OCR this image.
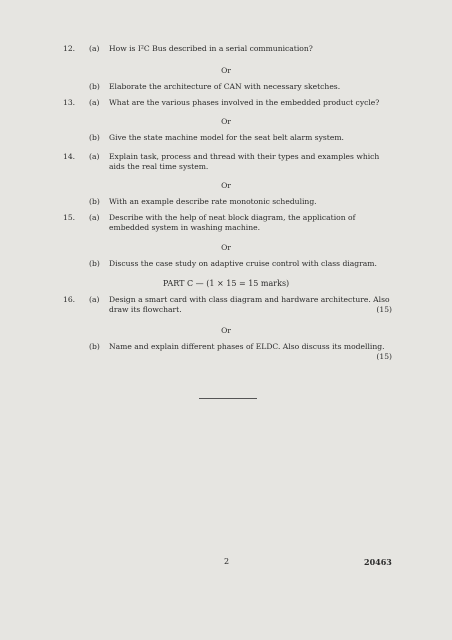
12. (a) How is I²C Bus described in a serial communication?
Or
(b) Elaborate the architecture of CAN with necessary sketches.
13. (a) What are the various phases involved in the embedded product cycle?
Or
(b) Give the state machine model for the seat belt alarm system.
14. (a) Explain task, process and thread with their types and examples which aids the real time system.
Or
(b) With an example describe rate monotonic scheduling.
15. (a) Describe with the help of neat block diagram, the application of embedded system in washing machine.
Or
(b) Discuss the case study on adaptive cruise control with class diagram.
PART C — (1 × 15 = 15 marks)
16. (a) Design a smart card with class diagram and hardware architecture. Also draw its flowchart.	(15)
Or
(b) Name and explain different phases of ELDC. Also discuss its modelling.
(15)
2	20463
